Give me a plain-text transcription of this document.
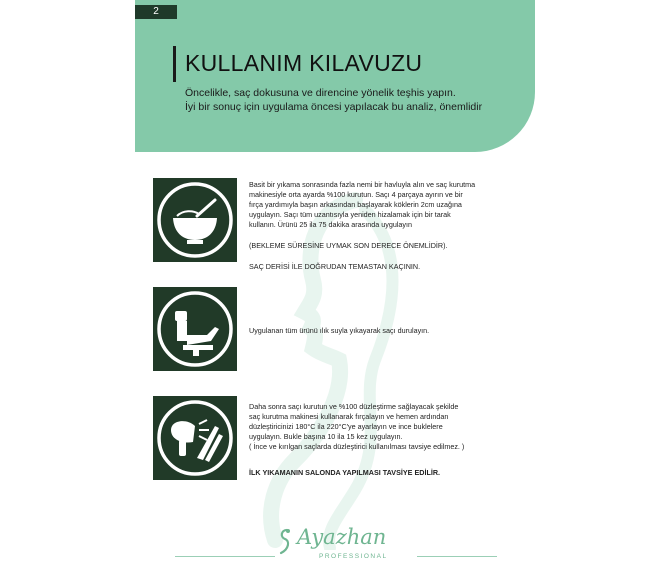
2
KULLANIM KILAVUZU
Öncelikle, saç dokusuna ve direncine yönelik teşhis yapın.
İyi bir sonuç için uygulama öncesi yapılacak bu analiz, önemlidir

Basit bir yıkama sonrasında fazla nemi bir havluyla alın ve saç kurutma

makinesiyle orta ayarda %100 kurutun. Saçı 4 parçaya ayırın ve bir

fırça yardımıyla başın arkasından başlayarak köklerin 2cm uzağına

uygulayın. Saçı tüm uzantısıyla yeniden hizalamak için bir tarak

kullanın. Ürünü 25 ila 75 dakika arasında uygulayın

(BEKLEME SÜRESİNE UYMAK SON DERECE ÖNEMLİDİR).

SAÇ DERİSİ İLE DOĞRUDAN TEMASTAN KAÇININ.

Uygulanan tüm ürünü ılık suyla yıkayarak saçı durulayın.

Daha sonra saçı kurutun ve %100 düzleştirme sağlayacak şekilde

saç kurutma makinesi kullanarak fırçalayın ve hemen ardından

düzleştiricinizi 180°C ila 220°C'ye ayarlayın ve ince buklelere

uygulayın. Bukle başına 10 ila 15 kez uygulayın.

( İnce ve kırılgan saçlarda düzleştirici kullanılması tavsiye edilmez. )

İLK YIKAMANIN SALONDA YAPILMASI TAVSİYE EDİLİR.

Ayazhan
PROFESSIONAL
